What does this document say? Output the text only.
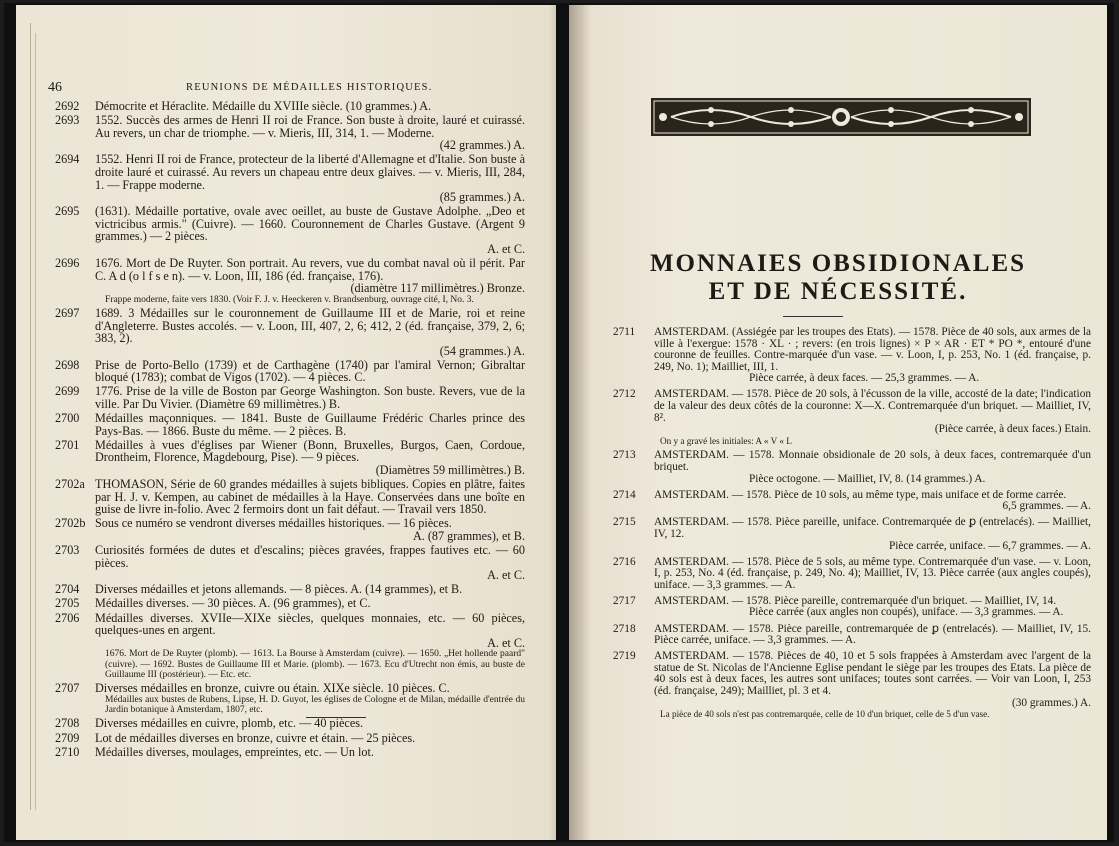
46	REUNIONS DE MÉDAILLES HISTORIQUES.
2692 Démocrite et Héraclite. Médaille du XVIIIe siècle. (10 grammes.) A.
2693 1552. Succès des armes de Henri II roi de France. Son buste à droite, lauré et cuirassé. Au revers, un char de triomphe. — v. Mieris, III, 314, 1. — Moderne.
(42 grammes.) A.
2694 1552. Henri II roi de France, protecteur de la liberté d'Allemagne et d'Italie. Son buste à droite lauré et cuirassé. Au revers un chapeau entre deux glaives. — v. Mieris, III, 284, 1. — Frappe moderne.
(85 grammes.) A.
2695 (1631). Médaille portative, ovale avec oeillet, au buste de Gustave Adolphe. „Deo et victricibus armis." (Cuivre). — 1660. Couronnement de Charles Gustave. (Argent 9 grammes.) — 2 pièces.
A. et C.
2696 1676. Mort de De Ruyter. Son portrait. Au revers, vue du combat naval où il périt. Par C. A d (o l f s e n). — v. Loon, III, 186 (éd. française, 176).
(diamètre 117 millimètres.) Bronze.
Frappe moderne, faite vers 1830. (Voir F. J. v. Heeckeren v. Brandsenburg, ouvrage cité, I, No. 3.
2697 1689. 3 Médailles sur le couronnement de Guillaume III et de Marie, roi et reine d'Angleterre. Bustes accolés. — v. Loon, III, 407, 2, 6; 412, 2 (éd. française, 379, 2, 6; 383, 2).
(54 grammes.) A.
2698 Prise de Porto-Bello (1739) et de Carthagène (1740) par l'amiral Vernon; Gibraltar bloqué (1783); combat de Vigos (1702). — 4 pièces. C.
2699 1776. Prise de la ville de Boston par George Washington. Son buste. Revers, vue de la ville. Par Du Vivier. (Diamètre 69 millimètres.) B.
2700 Médailles maçonniques. — 1841. Buste de Guillaume Frédéric Charles prince des Pays-Bas. — 1866. Buste du même. — 2 pièces. B.
2701 Médailles à vues d'églises par Wiener (Bonn, Bruxelles, Burgos, Caen, Cordoue, Drontheim, Florence, Magdebourg, Pise). — 9 pièces.
(Diamètres 59 millimètres.) B.
2702a THOMASON, Série de 60 grandes médailles à sujets bibliques. Copies en plâtre, faites par H. J. v. Kempen, au cabinet de médailles à la Haye. Conservées dans une boîte en guise de livre in-folio. Avec 2 fermoirs dont un fait défaut. — Travail vers 1850.
2702b Sous ce numéro se vendront diverses médailles historiques. — 16 pièces.
A. (87 grammes), et B.
2703 Curiosités formées de dutes et d'escalins; pièces gravées, frappes fautives etc. — 60 pièces.
A. et C.
2704 Diverses médailles et jetons allemands. — 8 pièces. A. (14 grammes), et B.
2705 Médailles diverses. — 30 pièces. A. (96 grammes), et C.
2706 Médailles diverses. XVIIe—XIXe siècles, quelques monnaies, etc. — 60 pièces, quelques-unes en argent.
A. et C.
1676. Mort de De Ruyter (plomb). — 1613. La Bourse à Amsterdam (cuivre). — 1650. „Het hollende paard" (cuivre). — 1692. Bustes de Guillaume III et Marie. (plomb). — 1673. Ecu d'Utrecht non émis, au buste de Guillaume III (postérieur). — Etc. etc.
2707 Diverses médailles en bronze, cuivre ou étain. XIXe siècle. 10 pièces. C.
Médailles aux bustes de Rubens, Lipse, H. D. Guyot, les églises de Cologne et de Milan, médaille d'entrée du Jardin botanique à Amsterdam, 1807, etc.
2708 Diverses médailles en cuivre, plomb, etc. — 40 pièces.
2709 Lot de médailles diverses en bronze, cuivre et étain. — 25 pièces.
2710 Médailles diverses, moulages, empreintes, etc. — Un lot.
MONNAIES OBSIDIONALES
ET DE NÉCESSITÉ.
2711 AMSTERDAM. (Assiégée par les troupes des Etats). — 1578. Pièce de 40 sols, aux armes de la ville à l'exergue: 1578 · XL · ; revers: (en trois lignes) × P × AR · ET * PO *, entouré d'une couronne de feuilles. Contre-marquée d'un vase. — v. Loon, I, p. 253, No. 1 (éd. française, p. 249, No. 1); Mailliet, III, 1.
Pièce carrée, à deux faces. — 25,3 grammes. — A.
2712 AMSTERDAM. — 1578. Pièce de 20 sols, à l'écusson de la ville, accosté de la date; l'indication de la valeur des deux côtés de la couronne: X—X. Contremarquée d'un briquet. — Mailliet, IV, 8².
(Pièce carrée, à deux faces.) Etain.
On y a gravé les initiales: A « V « L
2713 AMSTERDAM. — 1578. Monnaie obsidionale de 20 sols, à deux faces, contremarquée d'un briquet.
Pièce octogone. — Mailliet, IV, 8. (14 grammes.) A.
2714 AMSTERDAM. — 1578. Pièce de 10 sols, au même type, mais uniface et de forme carrée.
6,5 grammes. — A.
2715 AMSTERDAM. — 1578. Pièce pareille, uniface. Contremarquée de ꝑ (entrelacés). — Mailliet, IV, 12.
Pièce carrée, uniface. — 6,7 grammes. — A.
2716 AMSTERDAM. — 1578. Pièce de 5 sols, au même type. Contremarquée d'un vase. — v. Loon, I, p. 253, No. 4 (éd. française, p. 249, No. 4); Mailliet, IV, 13. Pièce carrée (aux angles coupés), uniface. — 3,3 grammes. — A.
2717 AMSTERDAM. — 1578. Pièce pareille, contremarquée d'un briquet. — Mailliet, IV, 14.
Pièce carrée (aux angles non coupés), uniface. — 3,3 grammes. — A.
2718 AMSTERDAM. — 1578. Pièce pareille, contremarquée de ꝑ (entrelacés). — Mailliet, IV, 15. Pièce carrée, uniface. — 3,3 grammes. — A.
2719 AMSTERDAM. — 1578. Pièces de 40, 10 et 5 sols frappées à Amsterdam avec l'argent de la statue de St. Nicolas de l'Ancienne Eglise pendant le siège par les troupes des Etats. La pièce de 40 sols est à deux faces, les autres sont unifaces; toutes sont carrées. — Voir van Loon, I, 253 (éd. française, 249); Mailliet, pl. 3 et 4.
(30 grammes.) A.
La pièce de 40 sols n'est pas contremarquée, celle de 10 d'un briquet, celle de 5 d'un vase.
